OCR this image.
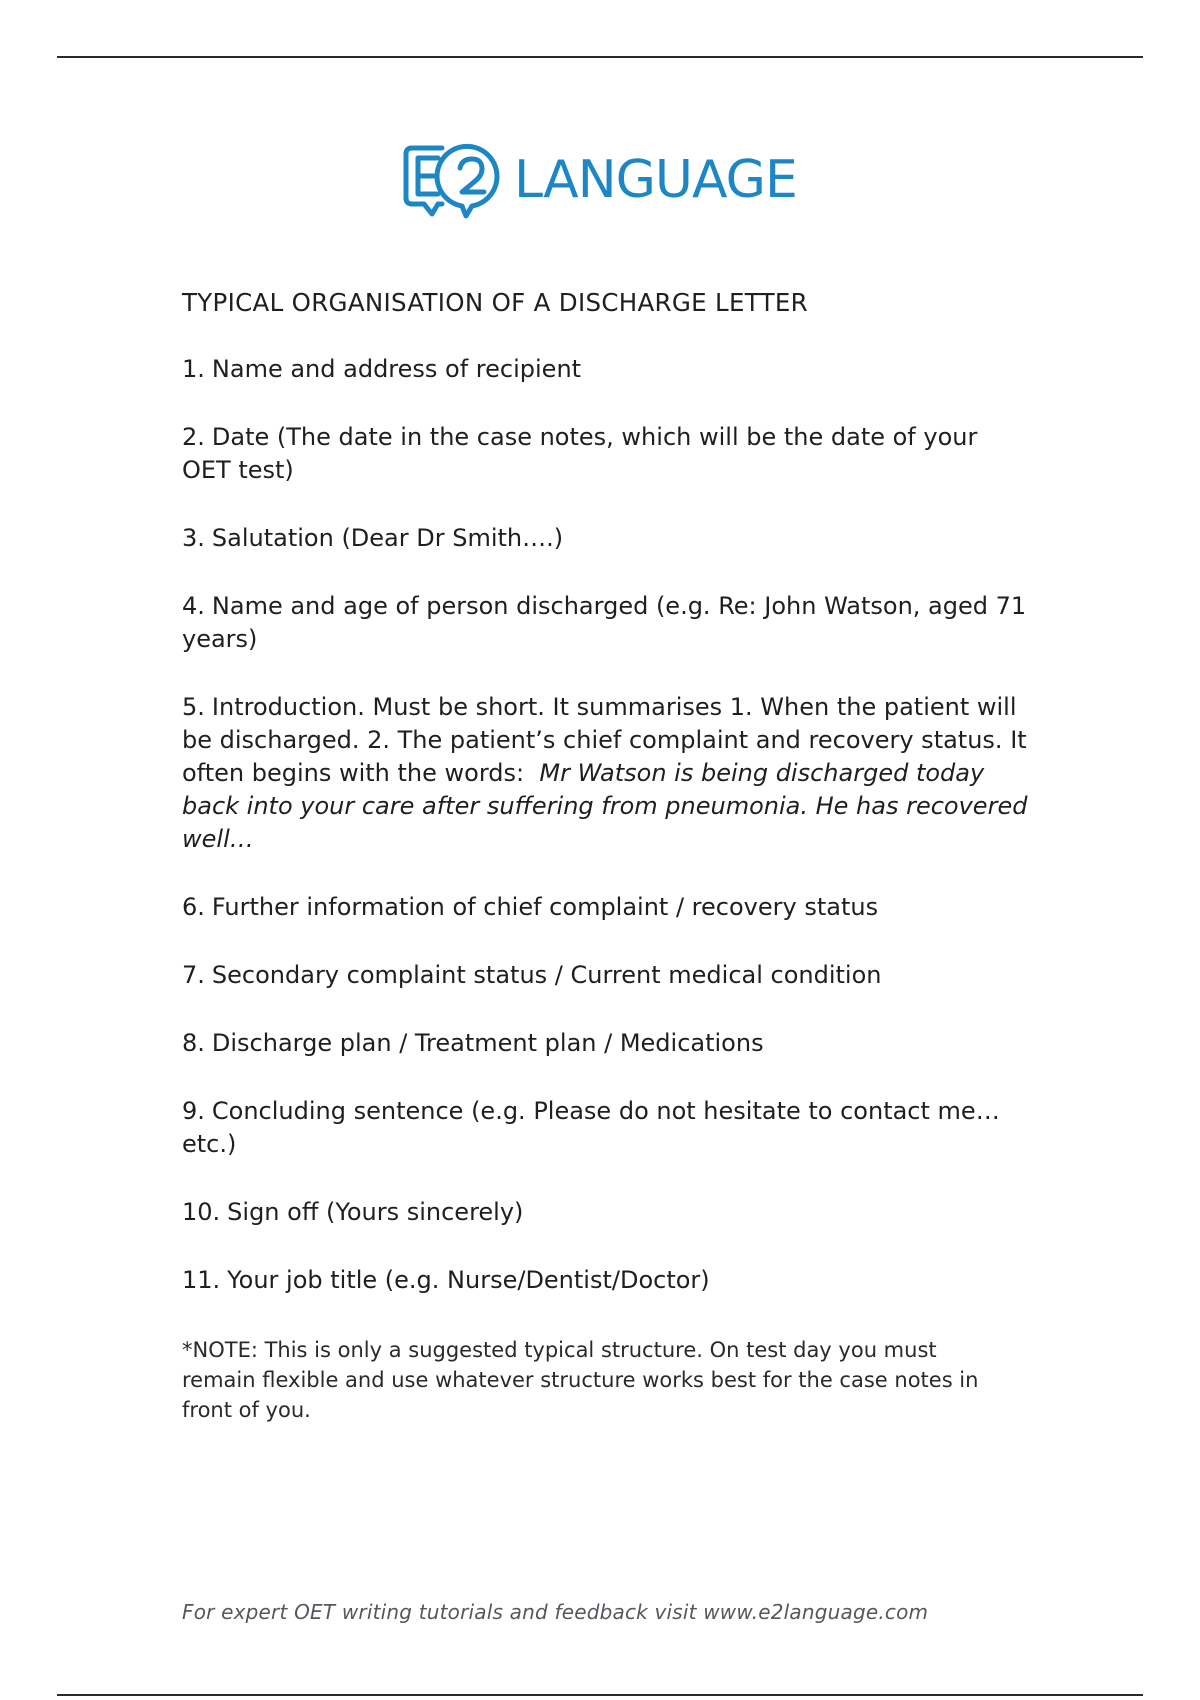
LANGUAGE
TYPICAL ORGANISATION OF A DISCHARGE LETTER
1. Name and address of recipient
2. Date (The date in the case notes, which will be the date of your OET test)
3. Salutation (Dear Dr Smith….)
4. Name and age of person discharged (e.g. Re: John Watson, aged 71 years)
5. Introduction. Must be short. It summarises 1. When the patient will be discharged. 2. The patient’s chief complaint and recovery status. It often begins with the words: Mr Watson is being discharged today back into your care after suffering from pneumonia. He has recovered well…
6. Further information of chief complaint / recovery status
7. Secondary complaint status / Current medical condition
8. Discharge plan / Treatment plan / Medications
9. Concluding sentence (e.g. Please do not hesitate to contact me… etc.)
10. Sign off (Yours sincerely)
11. Your job title (e.g. Nurse/Dentist/Doctor)

*NOTE: This is only a suggested typical structure. On test day you must remain flexible and use whatever structure works best for the case notes in front of you.

For expert OET writing tutorials and feedback visit www.e2language.com
